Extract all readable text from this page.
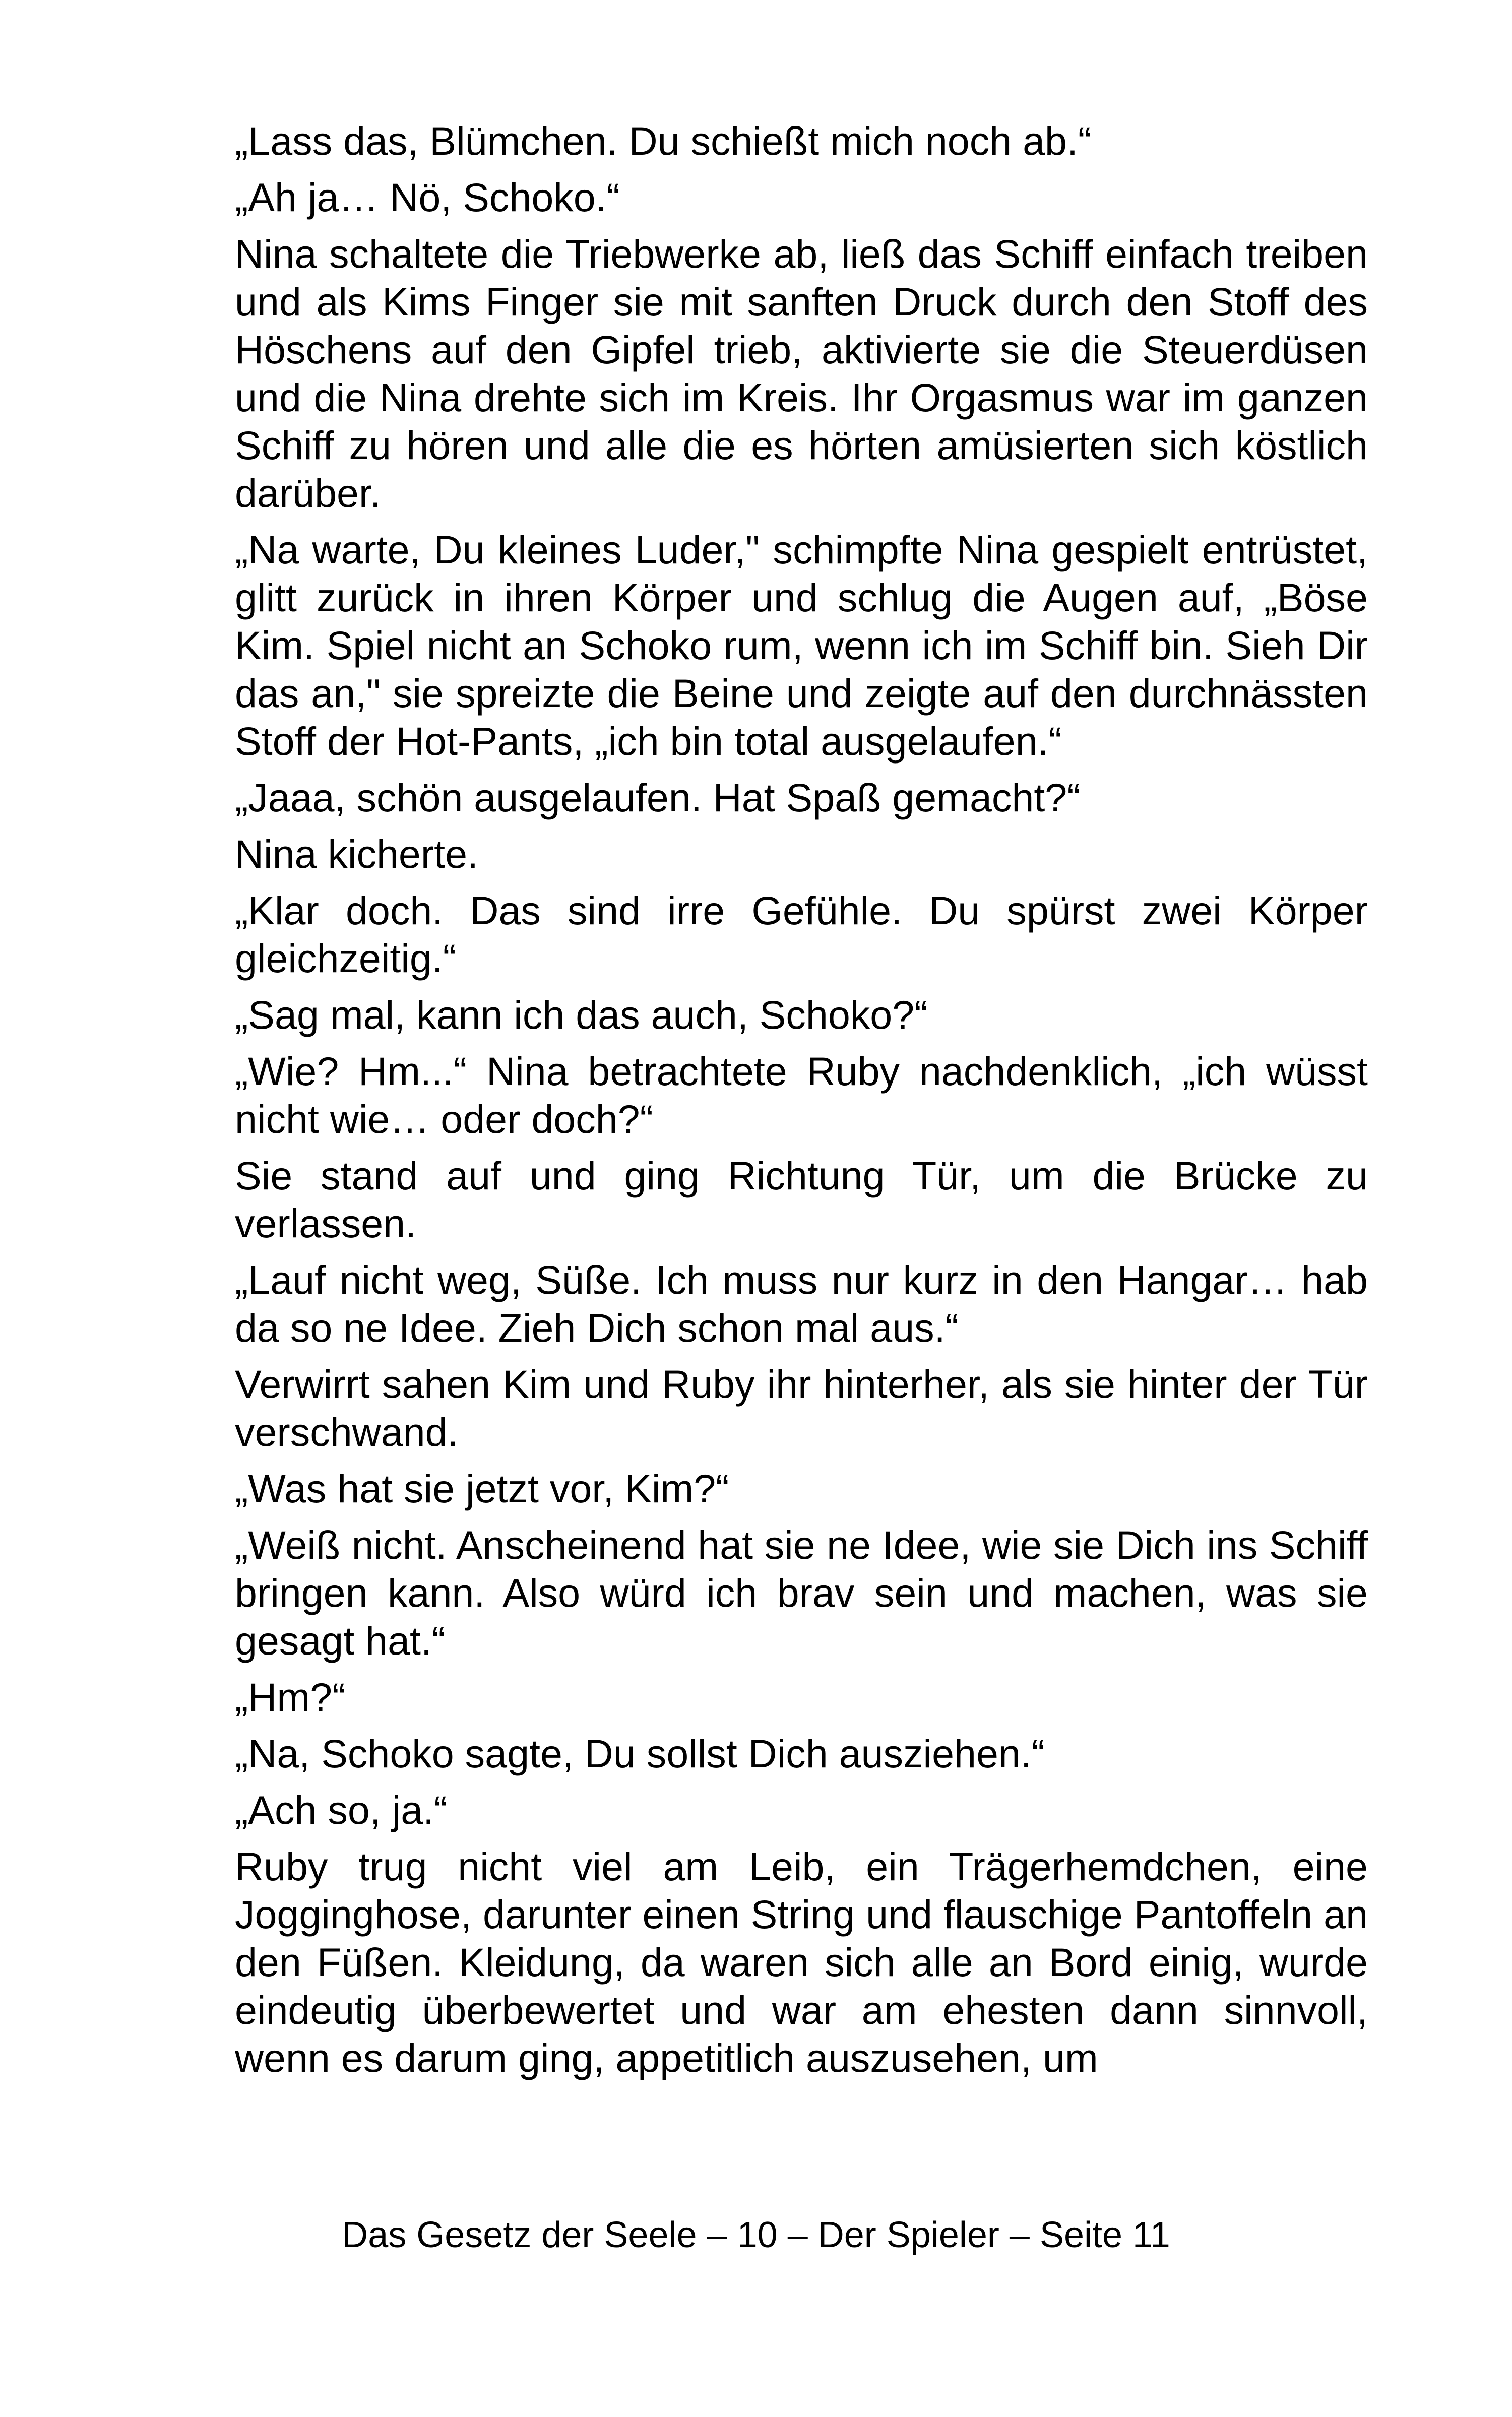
„Lass das, Blümchen. Du schießt mich noch ab.“

„Ah ja… Nö, Schoko.“

Nina schaltete die Triebwerke ab, ließ das Schiff einfach treiben und als Kims Finger sie mit sanften Druck durch den Stoff des Höschens auf den Gipfel trieb, aktivierte sie die Steuerdüsen und die Nina drehte sich im Kreis. Ihr Orgasmus war im ganzen Schiff zu hören und alle die es hörten amüsierten sich köstlich darüber.

„Na warte, Du kleines Luder," schimpfte Nina gespielt entrüstet, glitt zurück in ihren Körper und schlug die Augen auf, „Böse Kim. Spiel nicht an Schoko rum, wenn ich im Schiff bin. Sieh Dir das an," sie spreizte die Beine und zeigte auf den durchnässten Stoff der Hot-Pants, „ich bin total ausgelaufen.“

„Jaaa, schön ausgelaufen. Hat Spaß gemacht?“

Nina kicherte.

„Klar doch. Das sind irre Gefühle. Du spürst zwei Körper gleichzeitig.“

„Sag mal, kann ich das auch, Schoko?“

„Wie? Hm...“ Nina betrachtete Ruby nachdenklich, „ich wüsst nicht wie… oder doch?“

Sie stand auf und ging Richtung Tür, um die Brücke zu verlassen.

„Lauf nicht weg, Süße. Ich muss nur kurz in den Hangar… hab da so ne Idee. Zieh Dich schon mal aus.“

Verwirrt sahen Kim und Ruby ihr hinterher, als sie hinter der Tür verschwand.

„Was hat sie jetzt vor, Kim?“

„Weiß nicht. Anscheinend hat sie ne Idee, wie sie Dich ins Schiff bringen kann. Also würd ich brav sein und machen, was sie gesagt hat.“

„Hm?“

„Na, Schoko sagte, Du sollst Dich ausziehen.“

„Ach so, ja.“

Ruby trug nicht viel am Leib, ein Trägerhemdchen, eine Jogginghose, darunter einen String und flauschige Pantoffeln an den Füßen. Kleidung, da waren sich alle an Bord einig, wurde eindeutig überbewertet und war am ehesten dann sinnvoll, wenn es darum ging, appetitlich auszusehen, um

Das Gesetz der Seele – 10 – Der Spieler – Seite 11
